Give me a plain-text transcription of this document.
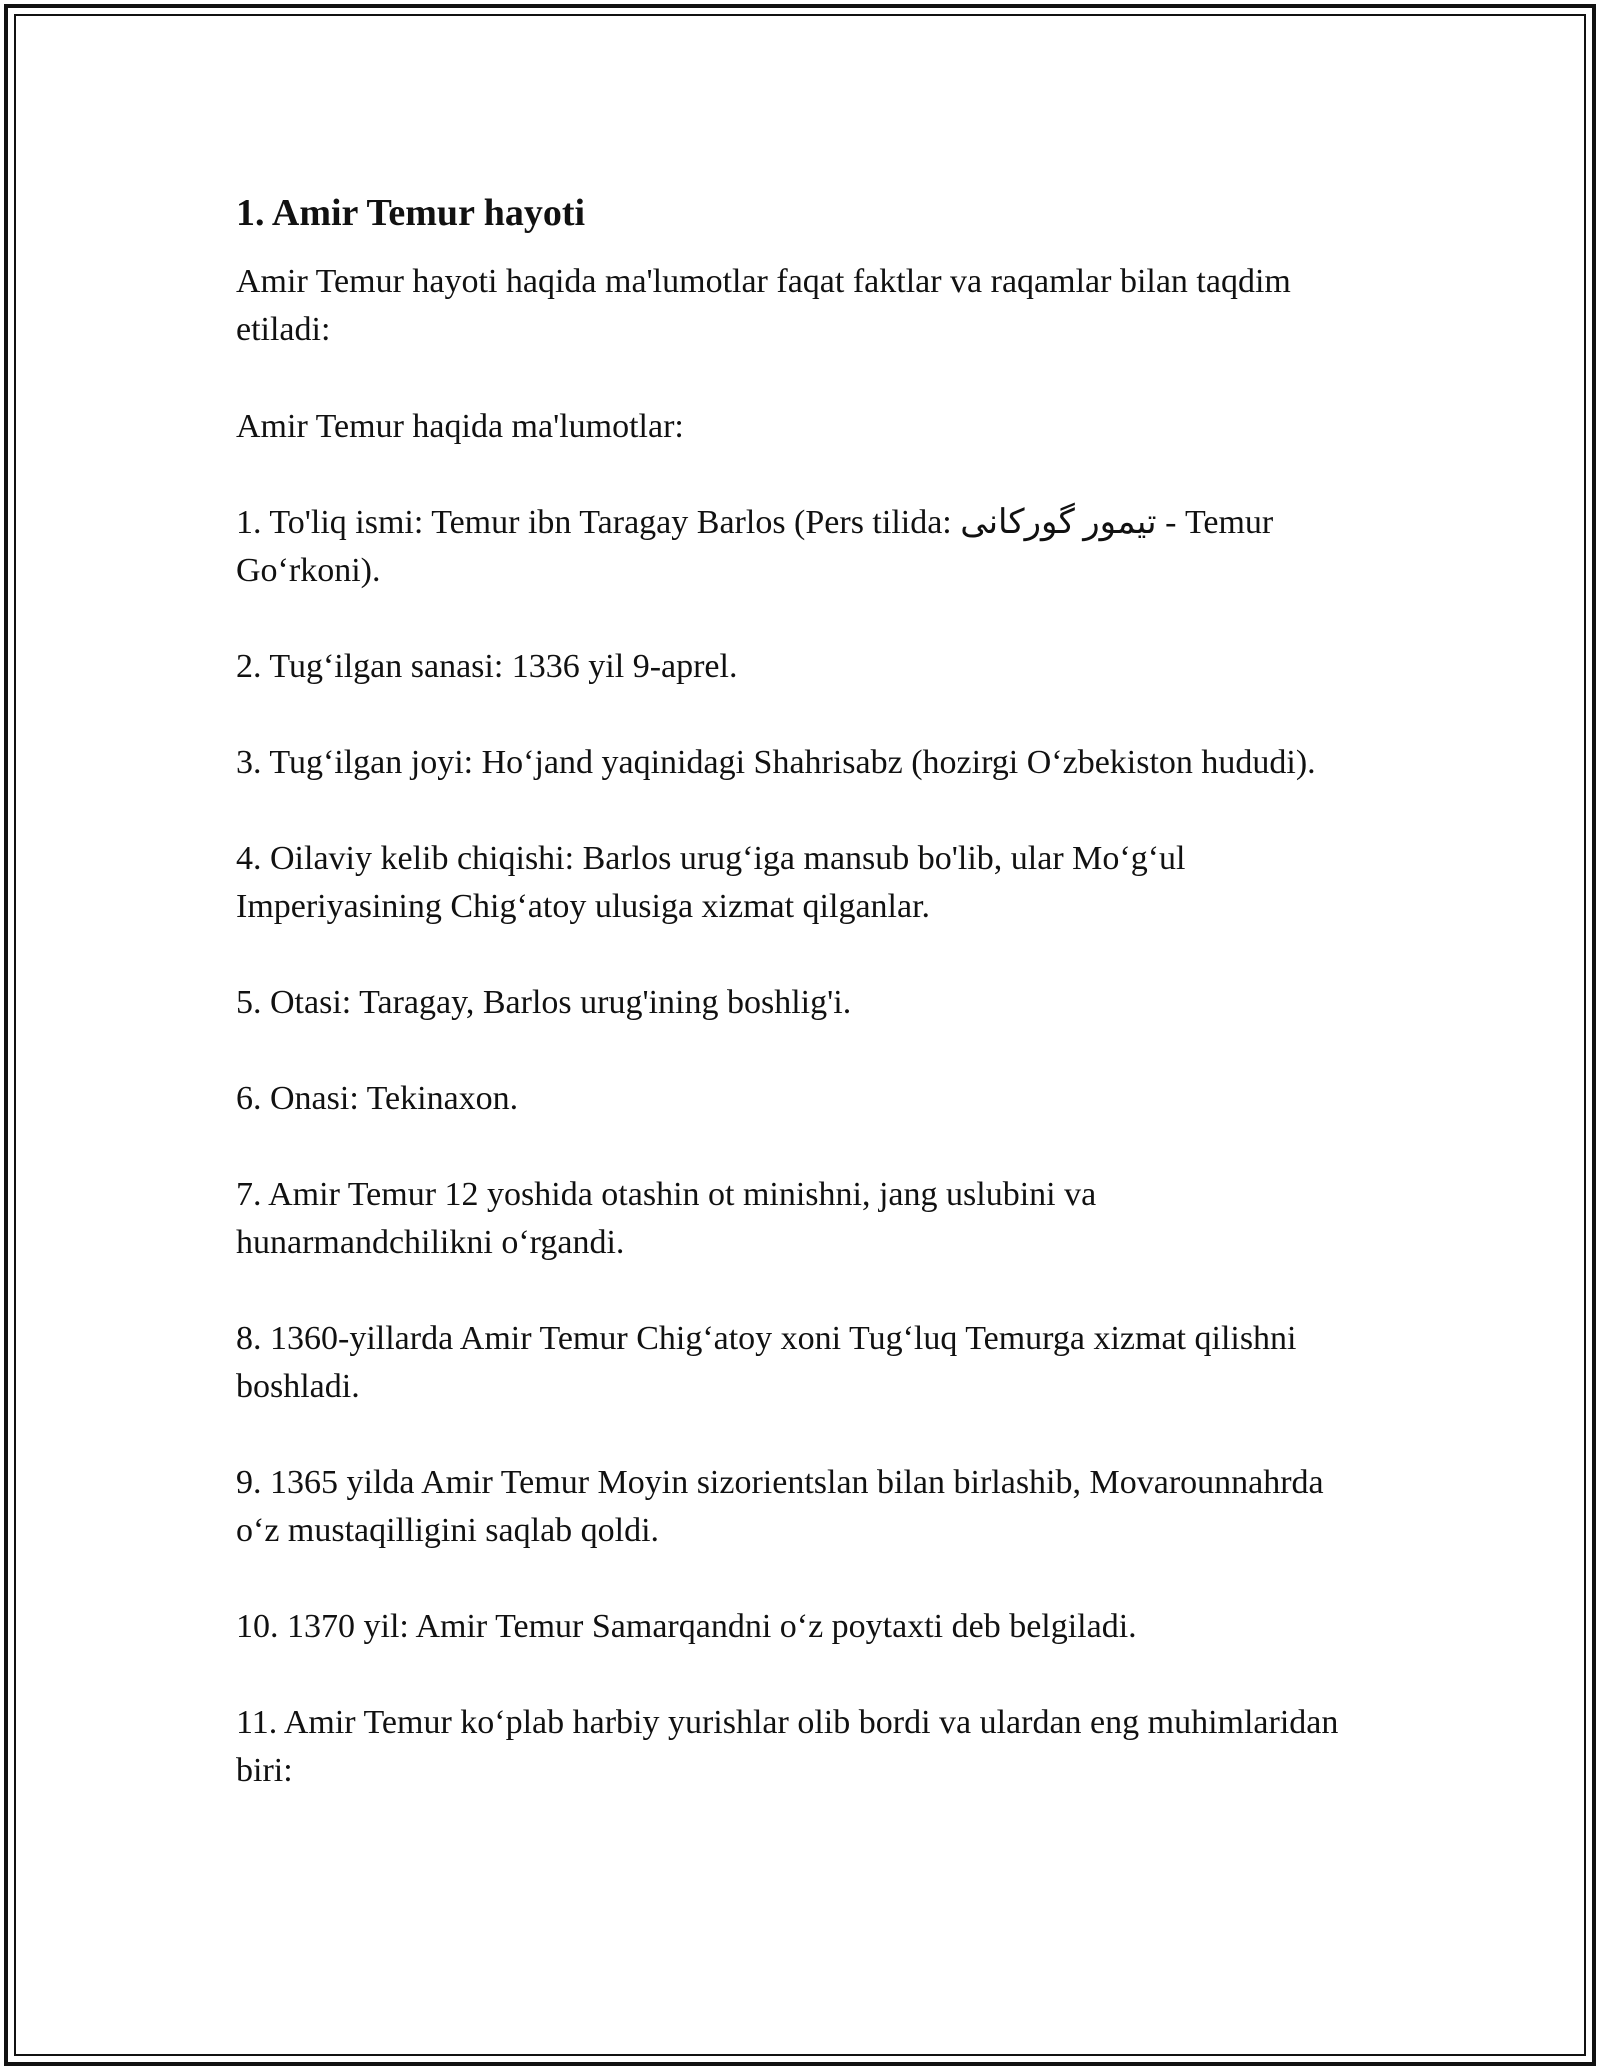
1. Amir Temur hayoti

Amir Temur hayoti haqida ma'lumotlar faqat faktlar va raqamlar bilan taqdim etiladi:

Amir Temur haqida ma'lumotlar:

1. To'liq ismi: Temur ibn Taragay Barlos (Pers tilida: تیمور گورکانی - Temur Go‘rkoni).

2. Tug‘ilgan sanasi: 1336 yil 9-aprel.

3. Tug‘ilgan joyi: Ho‘jand yaqinidagi Shahrisabz (hozirgi O‘zbekiston hududi).

4. Oilaviy kelib chiqishi: Barlos urug‘iga mansub bo'lib, ular Mo‘g‘ul Imperiyasining Chig‘atoy ulusiga xizmat qilganlar.

5. Otasi: Taragay, Barlos urug'ining boshlig'i.

6. Onasi: Tekinaxon.

7. Amir Temur 12 yoshida otashin ot minishni, jang uslubini va hunarmandchilikni o‘rgandi.

8. 1360-yillarda Amir Temur Chig‘atoy xoni Tug‘luq Temurga xizmat qilishni boshladi.

9. 1365 yilda Amir Temur Moyin sizorientslan bilan birlashib, Movarounnahrda o‘z mustaqilligini saqlab qoldi.

10. 1370 yil: Amir Temur Samarqandni o‘z poytaxti deb belgiladi.

11. Amir Temur ko‘plab harbiy yurishlar olib bordi va ulardan eng muhimlaridan biri:
